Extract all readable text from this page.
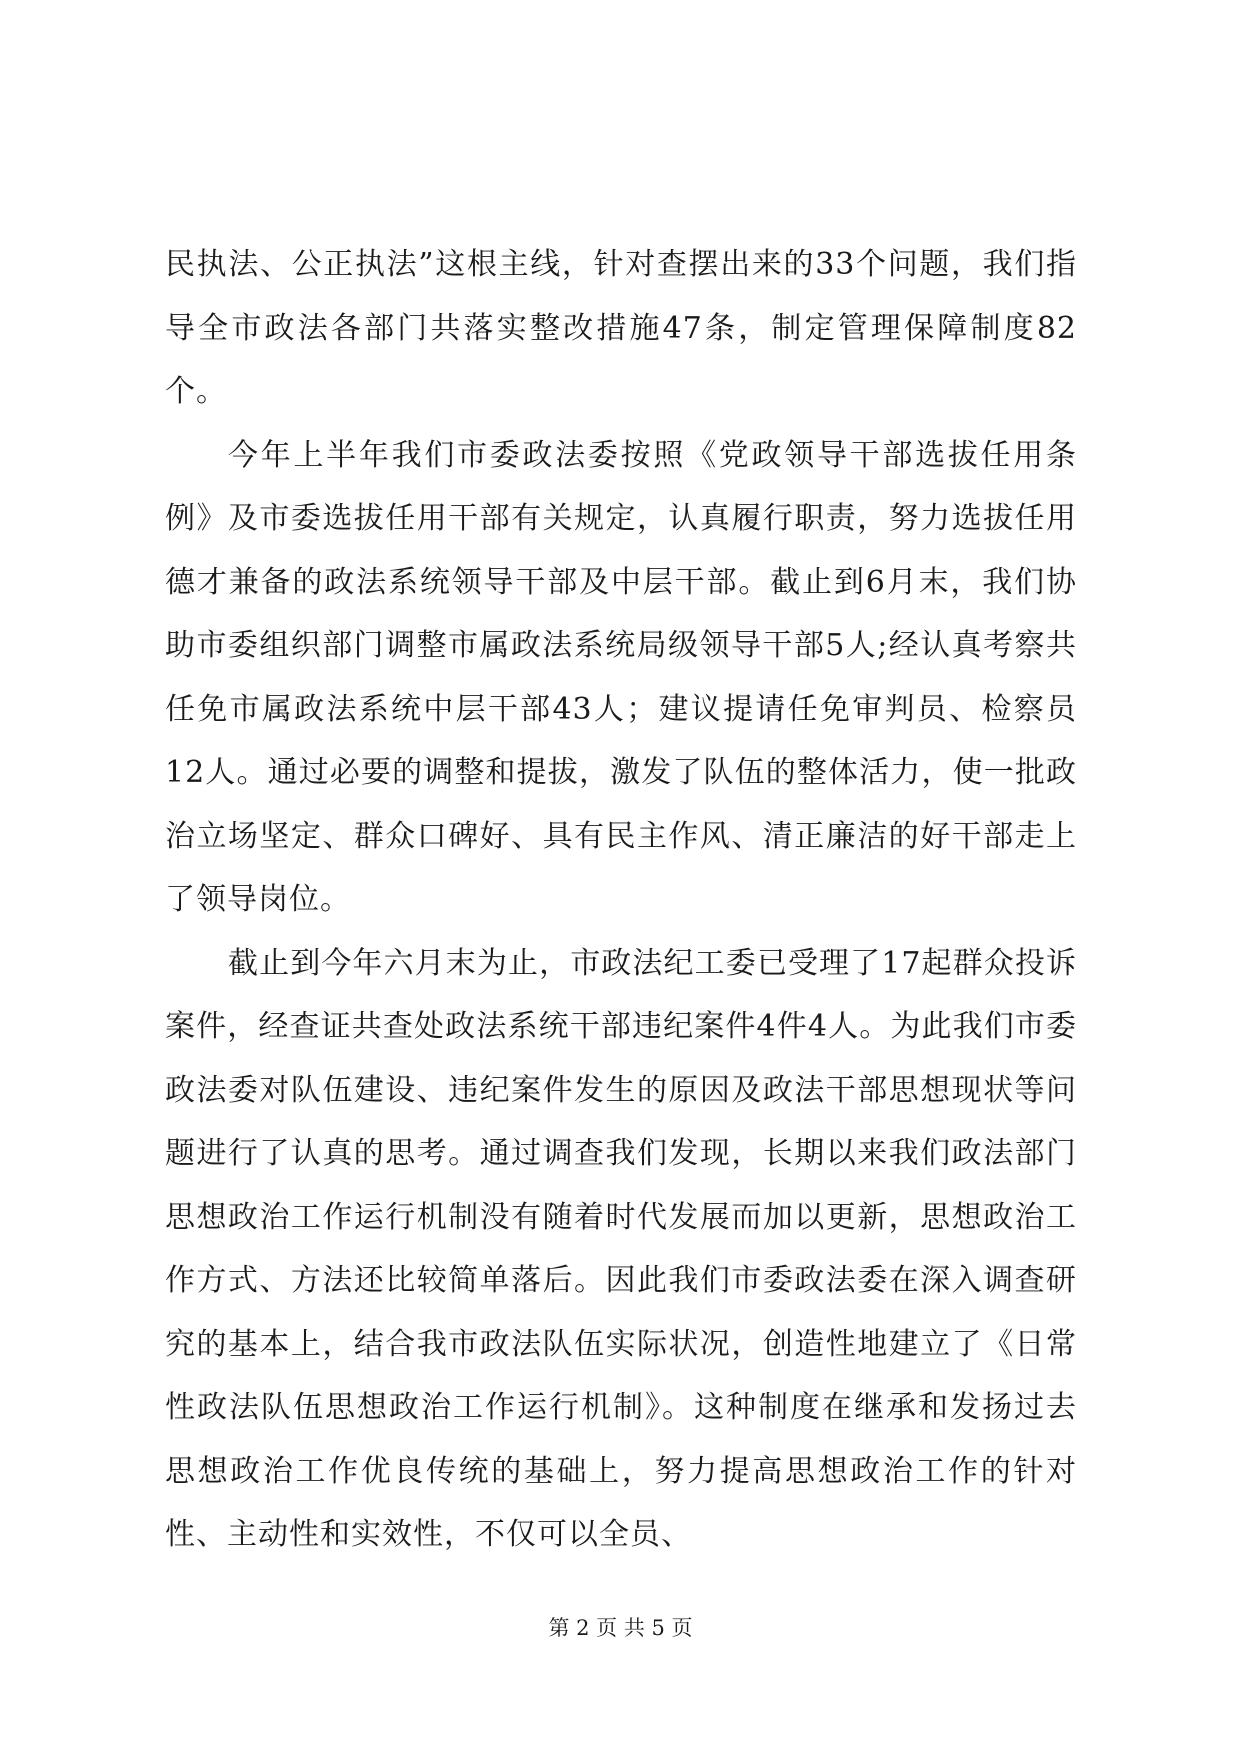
民执法、公正执法”这根主线，针对查摆出来的33个问题，我们指导全市政法各部门共落实整改措施47条，制定管理保障制度82个。

今年上半年我们市委政法委按照《党政领导干部选拔任用条例》及市委选拔任用干部有关规定，认真履行职责，努力选拔任用德才兼备的政法系统领导干部及中层干部。截止到6月末，我们协助市委组织部门调整市属政法系统局级领导干部5人;经认真考察共任免市属政法系统中层干部43人；建议提请任免审判员、检察员12人。通过必要的调整和提拔，激发了队伍的整体活力，使一批政治立场坚定、群众口碑好、具有民主作风、清正廉洁的好干部走上了领导岗位。

截止到今年六月末为止，市政法纪工委已受理了17起群众投诉案件，经查证共查处政法系统干部违纪案件4件4人。为此我们市委政法委对队伍建设、违纪案件发生的原因及政法干部思想现状等问题进行了认真的思考。通过调查我们发现，长期以来我们政法部门思想政治工作运行机制没有随着时代发展而加以更新，思想政治工作方式、方法还比较简单落后。因此我们市委政法委在深入调查研究的基本上，结合我市政法队伍实际状况，创造性地建立了《日常性政法队伍思想政治工作运行机制》。这种制度在继承和发扬过去思想政治工作优良传统的基础上，努力提高思想政治工作的针对性、主动性和实效性，不仅可以全员、

第 2 页 共 5 页
